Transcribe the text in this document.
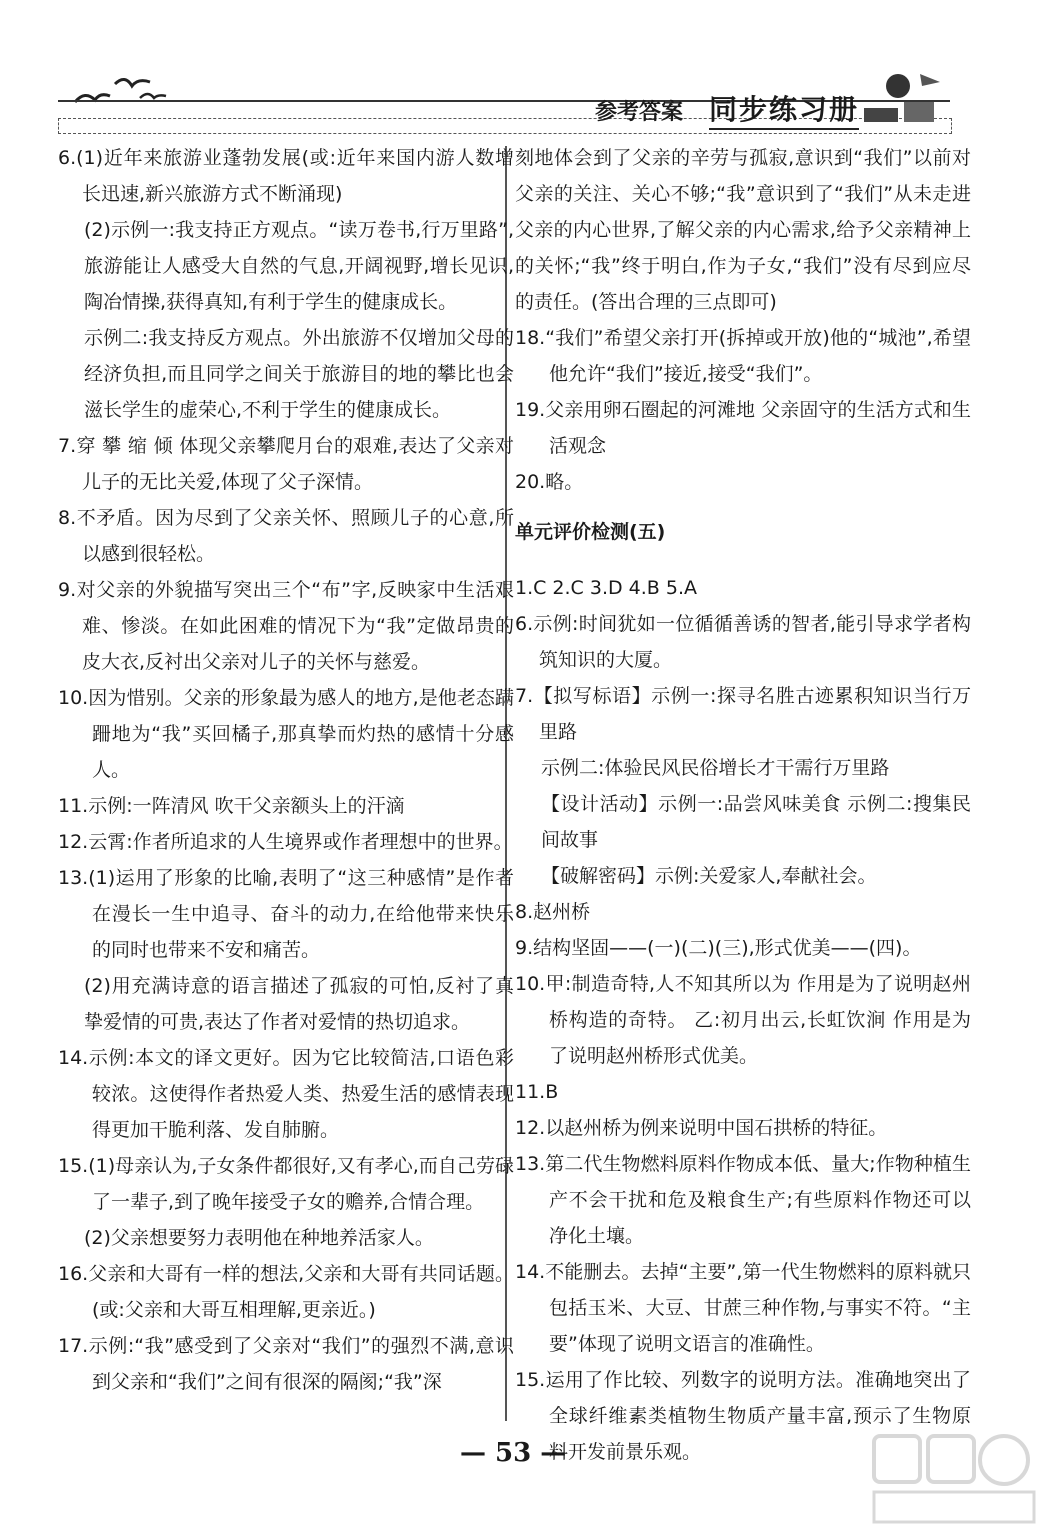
参考答案 同步练习册

6.(1)近年来旅游业蓬勃发展(或:近年来国内游人数增长迅速,新兴旅游方式不断涌现)

(2)示例一:我支持正方观点。“读万卷书,行万里路”,旅游能让人感受大自然的气息,开阔视野,增长见识,陶冶情操,获得真知,有利于学生的健康成长。

示例二:我支持反方观点。外出旅游不仅增加父母的经济负担,而且同学之间关于旅游目的地的攀比也会滋长学生的虚荣心,不利于学生的健康成长。

7.穿 攀 缩 倾 体现父亲攀爬月台的艰难,表达了父亲对儿子的无比关爱,体现了父子深情。

8.不矛盾。因为尽到了父亲关怀、照顾儿子的心意,所以感到很轻松。

9.对父亲的外貌描写突出三个“布”字,反映家中生活艰难、惨淡。在如此困难的情况下为“我”定做昂贵的皮大衣,反衬出父亲对儿子的关怀与慈爱。

10.因为惜别。父亲的形象最为感人的地方,是他老态蹒跚地为“我”买回橘子,那真挚而灼热的感情十分感人。

11.示例:一阵清风 吹干父亲额头上的汗滴

12.云霄:作者所追求的人生境界或作者理想中的世界。

13.(1)运用了形象的比喻,表明了“这三种感情”是作者在漫长一生中追寻、奋斗的动力,在给他带来快乐的同时也带来不安和痛苦。

(2)用充满诗意的语言描述了孤寂的可怕,反衬了真挚爱情的可贵,表达了作者对爱情的热切追求。

14.示例:本文的译文更好。因为它比较简洁,口语色彩较浓。这使得作者热爱人类、热爱生活的感情表现得更加干脆利落、发自肺腑。

15.(1)母亲认为,子女条件都很好,又有孝心,而自己劳碌了一辈子,到了晚年接受子女的赡养,合情合理。

(2)父亲想要努力表明他在种地养活家人。

16.父亲和大哥有一样的想法,父亲和大哥有共同话题。(或:父亲和大哥互相理解,更亲近。)

17.示例:“我”感受到了父亲对“我们”的强烈不满,意识到父亲和“我们”之间有很深的隔阂;“我”深

刻地体会到了父亲的辛劳与孤寂,意识到“我们”以前对父亲的关注、关心不够;“我”意识到了“我们”从未走进父亲的内心世界,了解父亲的内心需求,给予父亲精神上的关怀;“我”终于明白,作为子女,“我们”没有尽到应尽的责任。(答出合理的三点即可)

18.“我们”希望父亲打开(拆掉或开放)他的“城池”,希望他允许“我们”接近,接受“我们”。

19.父亲用卵石圈起的河滩地 父亲固守的生活方式和生活观念

20.略。

单元评价检测(五)

1.C 2.C 3.D 4.B 5.A

6.示例:时间犹如一位循循善诱的智者,能引导求学者构筑知识的大厦。

7.【拟写标语】示例一:探寻名胜古迹累积知识当行万里路

示例二:体验民风民俗增长才干需行万里路

【设计活动】示例一:品尝风味美食 示例二:搜集民间故事

【破解密码】示例:关爱家人,奉献社会。

8.赵州桥

9.结构坚固——(一)(二)(三),形式优美——(四)。

10.甲:制造奇特,人不知其所以为 作用是为了说明赵州桥构造的奇特。 乙:初月出云,长虹饮涧 作用是为了说明赵州桥形式优美。

11.B

12.以赵州桥为例来说明中国石拱桥的特征。

13.第二代生物燃料原料作物成本低、量大;作物种植生产不会干扰和危及粮食生产;有些原料作物还可以净化土壤。

14.不能删去。去掉“主要”,第一代生物燃料的原料就只包括玉米、大豆、甘蔗三种作物,与事实不符。“主要”体现了说明文语言的准确性。

15.运用了作比较、列数字的说明方法。准确地突出了全球纤维素类植物生物质产量丰富,预示了生物原料开发前景乐观。

— 53 —
